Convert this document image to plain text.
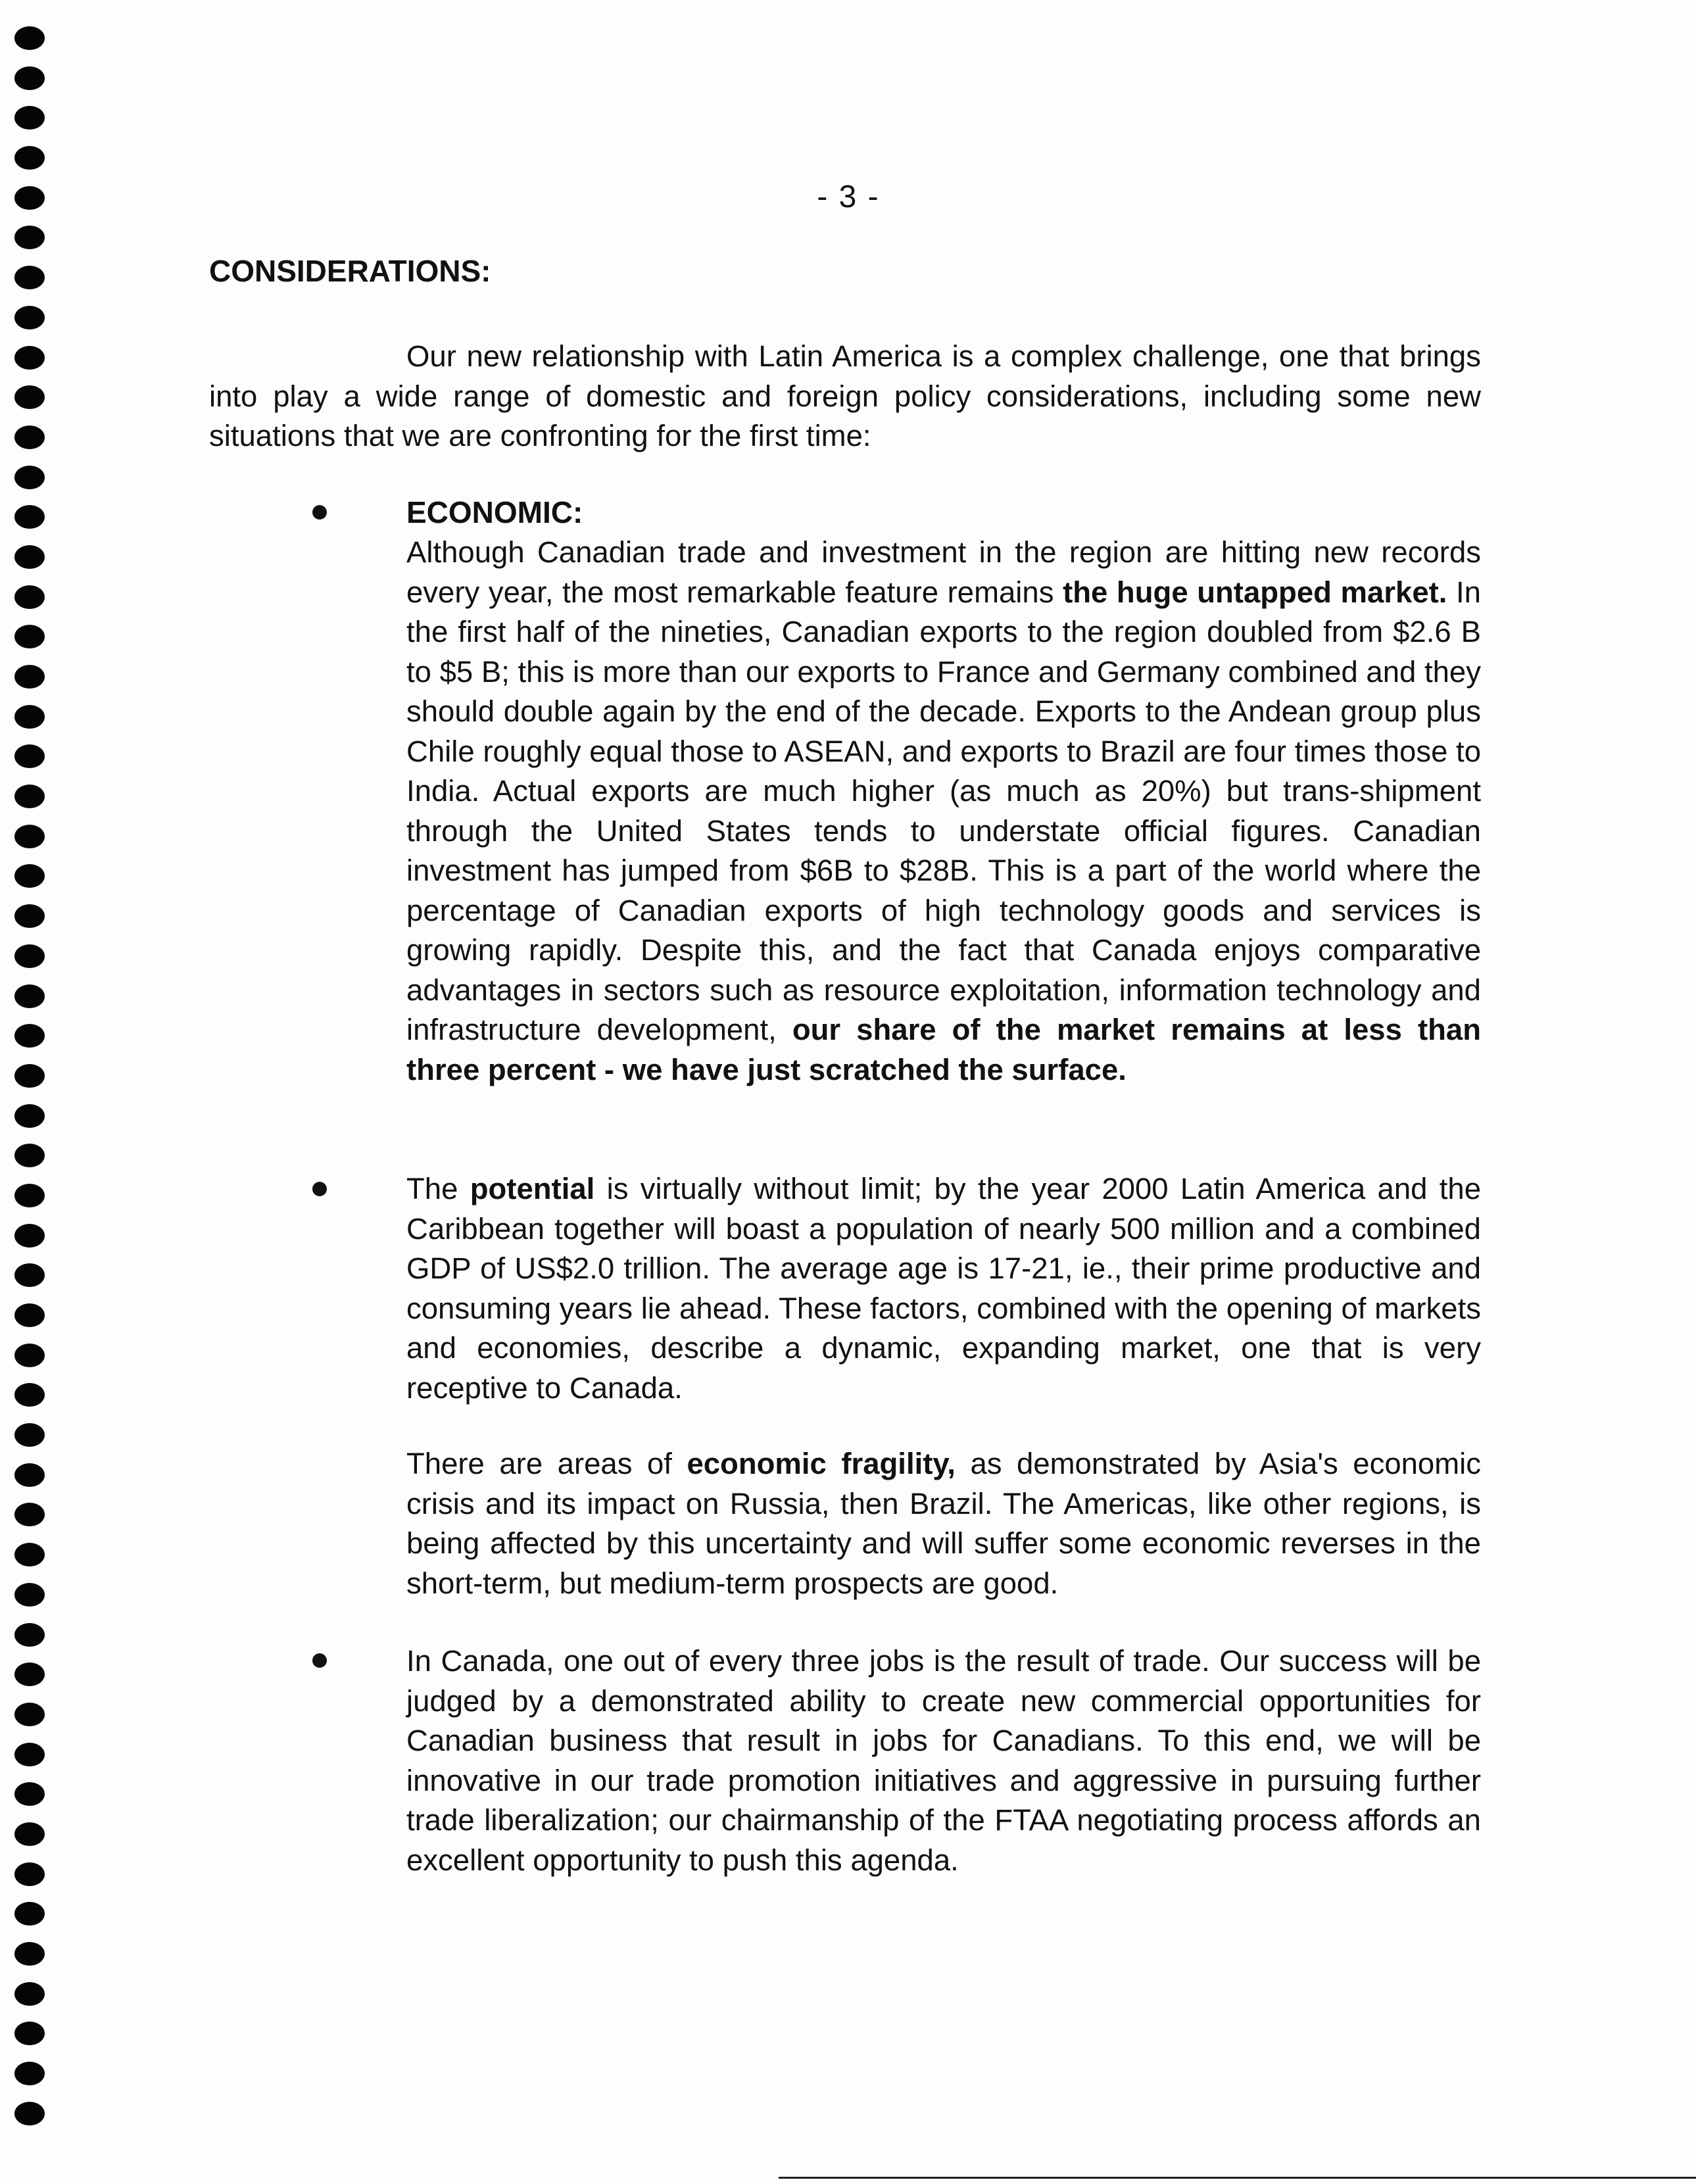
- 3 -
CONSIDERATIONS:

Our new relationship with Latin America is a complex challenge, one that brings into play a wide range of domestic and foreign policy considerations, including some new situations that we are confronting for the first time:

ECONOMIC:

Although Canadian trade and investment in the region are hitting new records every year, the most remarkable feature remains the huge untapped market. In the first half of the nineties, Canadian exports to the region doubled from $2.6 B to $5 B; this is more than our exports to France and Germany combined and they should double again by the end of the decade. Exports to the Andean group plus Chile roughly equal those to ASEAN, and exports to Brazil are four times those to India. Actual exports are much higher (as much as 20%) but trans-shipment through the United States tends to understate official figures. Canadian investment has jumped from $6B to $28B. This is a part of the world where the percentage of Canadian exports of high technology goods and services is growing rapidly. Despite this, and the fact that Canada enjoys comparative advantages in sectors such as resource exploitation, information technology and infrastructure development, our share of the market remains at less than three percent - we have just scratched the surface.

The potential is virtually without limit; by the year 2000 Latin America and the Caribbean together will boast a population of nearly 500 million and a combined GDP of US$2.0 trillion. The average age is 17-21, ie., their prime productive and consuming years lie ahead. These factors, combined with the opening of markets and economies, describe a dynamic, expanding market, one that is very receptive to Canada.

There are areas of economic fragility, as demonstrated by Asia's economic crisis and its impact on Russia, then Brazil. The Americas, like other regions, is being affected by this uncertainty and will suffer some economic reverses in the short-term, but medium-term prospects are good.

In Canada, one out of every three jobs is the result of trade. Our success will be judged by a demonstrated ability to create new commercial opportunities for Canadian business that result in jobs for Canadians. To this end, we will be innovative in our trade promotion initiatives and aggressive in pursuing further trade liberalization; our chairmanship of the FTAA negotiating process affords an excellent opportunity to push this agenda.
